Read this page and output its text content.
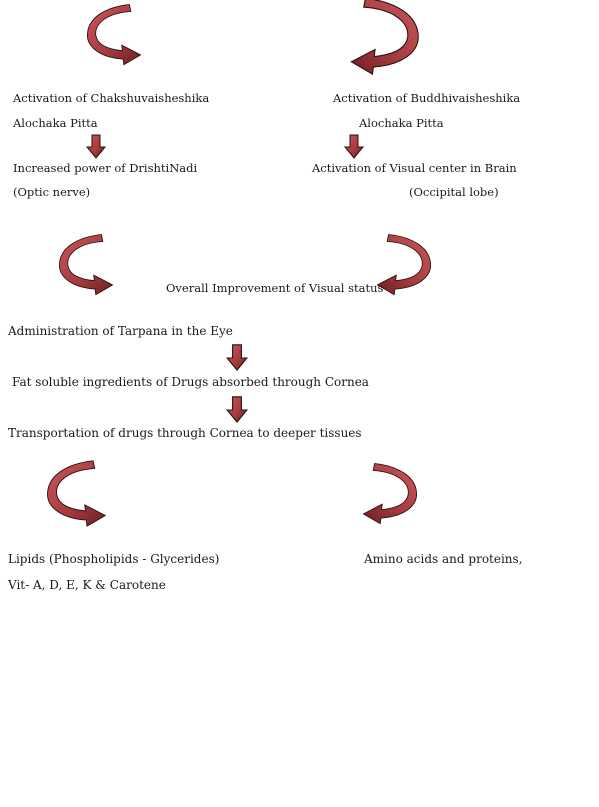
Activation of Chakshuvaisheshika
Alochaka Pitta
Activation of Buddhivaisheshika
Alochaka Pitta
Increased power of DrishtiNadi
(Optic nerve)
Activation of Visual center in Brain
(Occipital lobe)
Overall Improvement of Visual status
Administration of Tarpana in the Eye
Fat soluble ingredients of Drugs absorbed through Cornea
Transportation of drugs through Cornea to deeper tissues
Lipids (Phospholipids - Glycerides)	Amino acids and proteins,
Vit- A, D, E, K & Carotene
